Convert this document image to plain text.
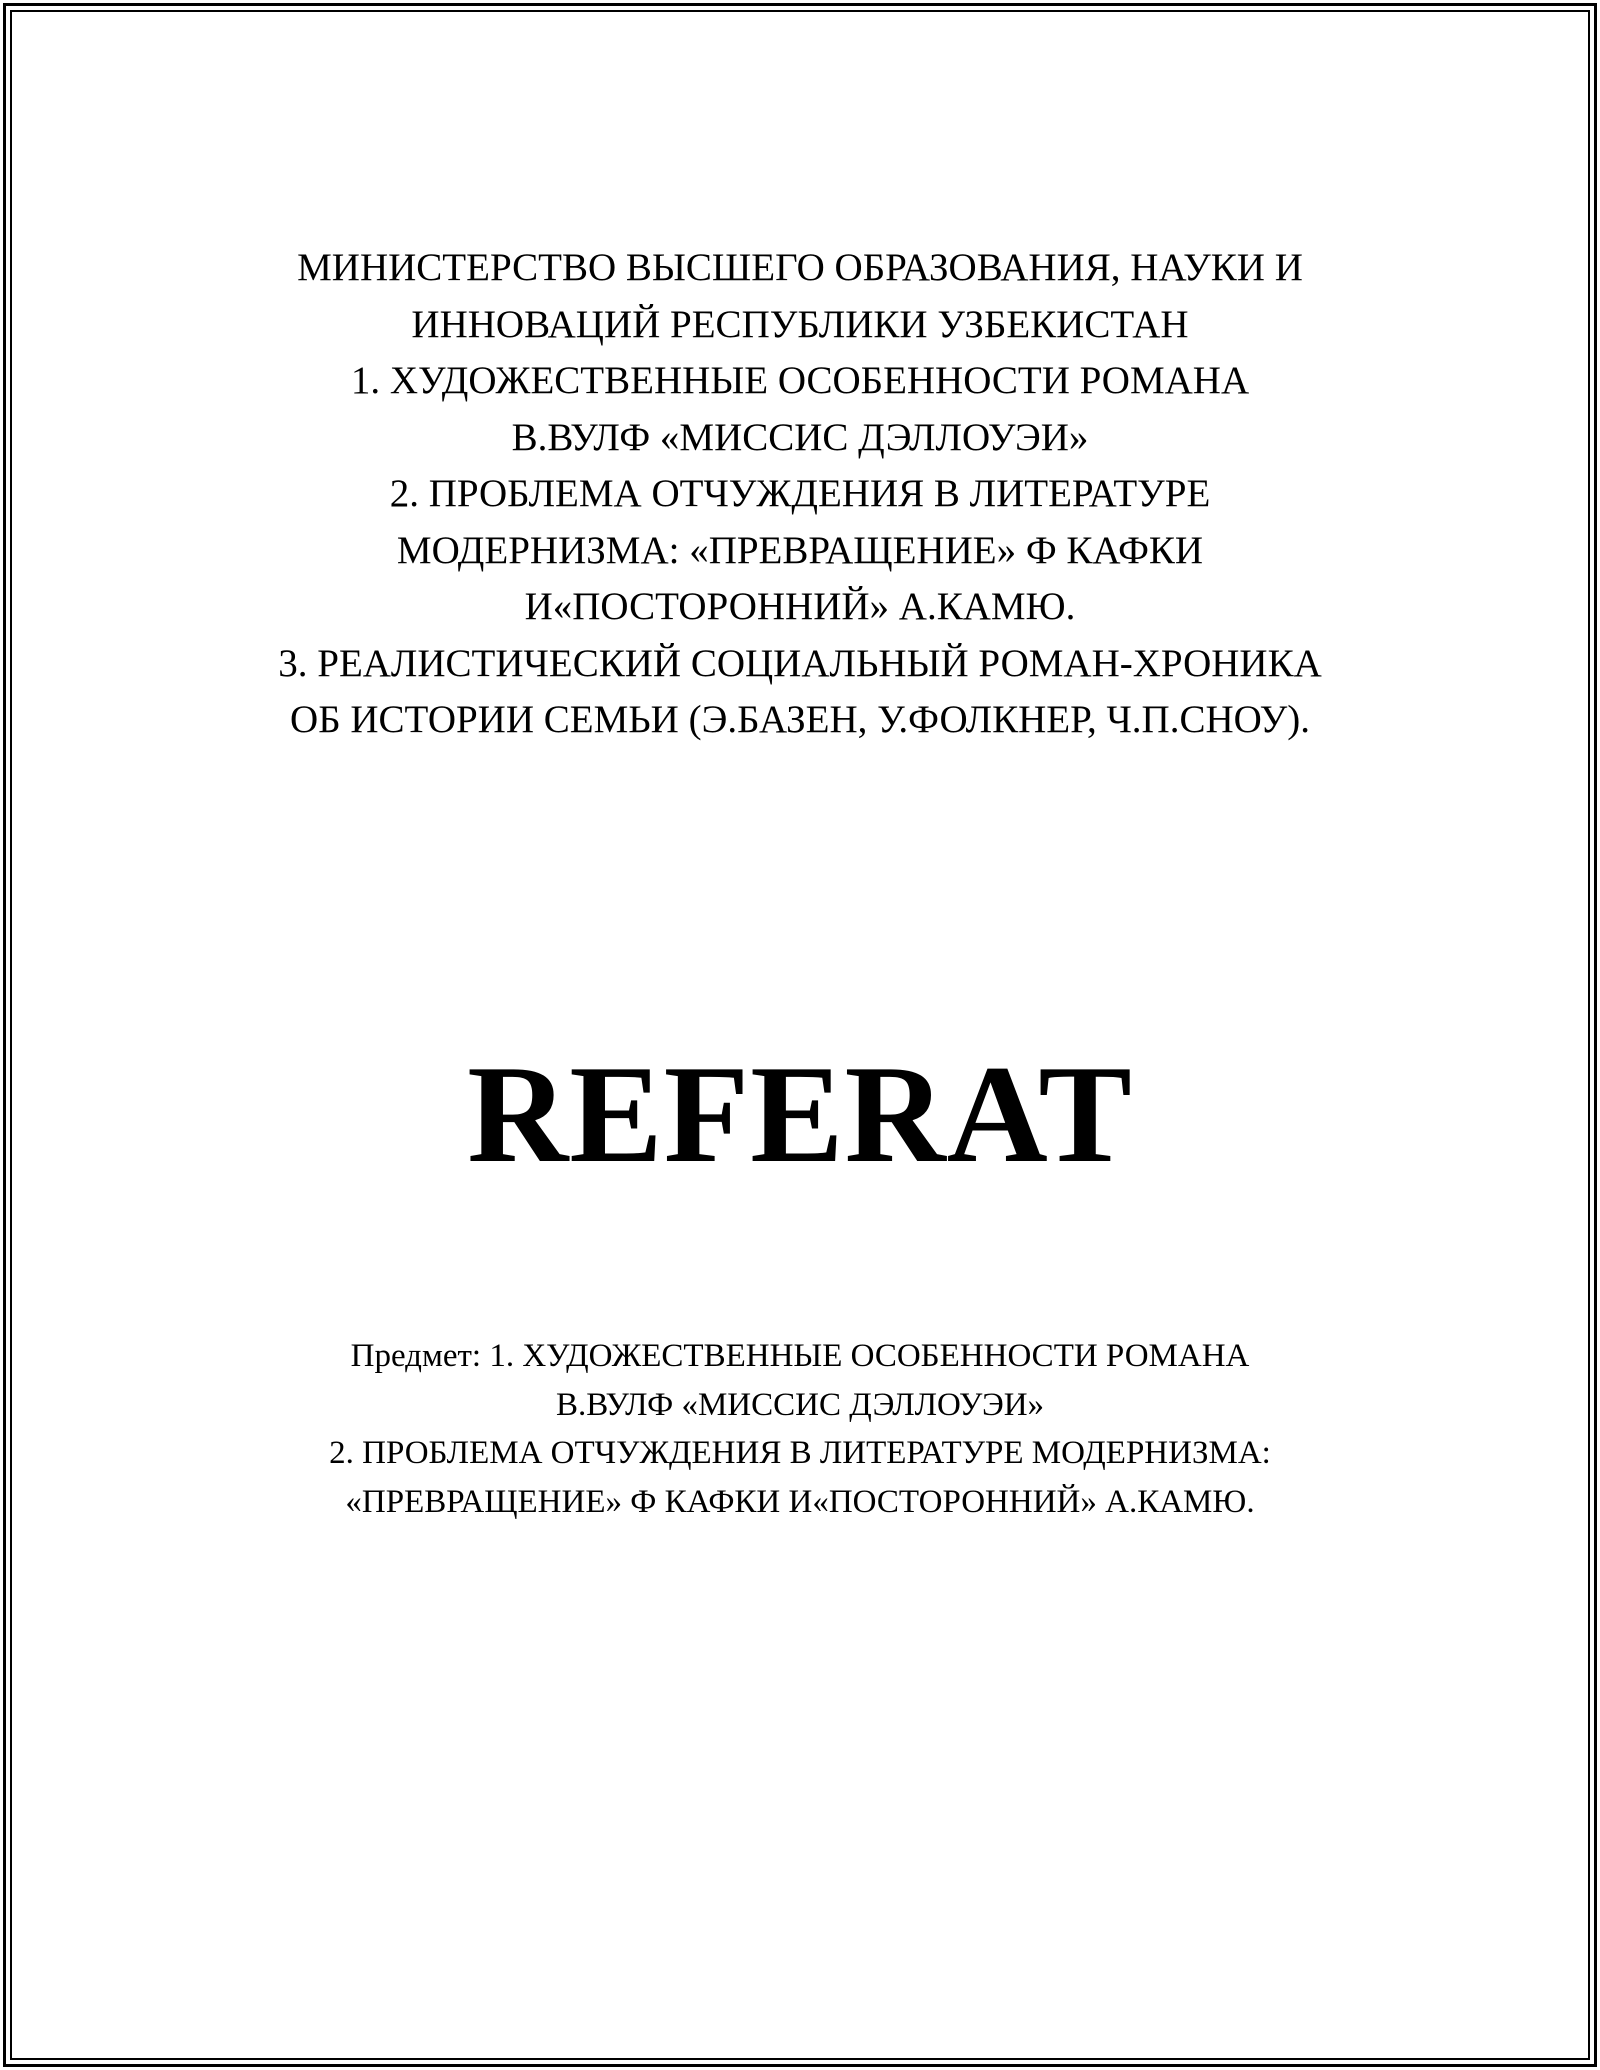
МИНИСТЕРСТВО ВЫСШЕГО ОБРАЗОВАНИЯ, НАУКИ И
ИННОВАЦИЙ РЕСПУБЛИКИ УЗБЕКИСТАН
1. ХУДОЖЕСТВЕННЫЕ ОСОБЕННОСТИ РОМАНА
В.ВУЛФ «МИССИС ДЭЛЛОУЭИ»
2. ПРОБЛЕМА ОТЧУЖДЕНИЯ В ЛИТЕРАТУРЕ
МОДЕРНИЗМА: «ПРЕВРАЩЕНИЕ» Ф КАФКИ
И«ПОСТОРОННИЙ» А.КАМЮ.
3. РЕАЛИСТИЧЕСКИЙ СОЦИАЛЬНЫЙ РОМАН-ХРОНИКА
ОБ ИСТОРИИ СЕМЬИ (Э.БАЗЕН, У.ФОЛКНЕР, Ч.П.СНОУ).
REFERAT
Предмет: 1. ХУДОЖЕСТВЕННЫЕ ОСОБЕННОСТИ РОМАНА
В.ВУЛФ «МИССИС ДЭЛЛОУЭИ»
2. ПРОБЛЕМА ОТЧУЖДЕНИЯ В ЛИТЕРАТУРЕ МОДЕРНИЗМА:
«ПРЕВРАЩЕНИЕ» Ф КАФКИ И«ПОСТОРОННИЙ» А.КАМЮ.
